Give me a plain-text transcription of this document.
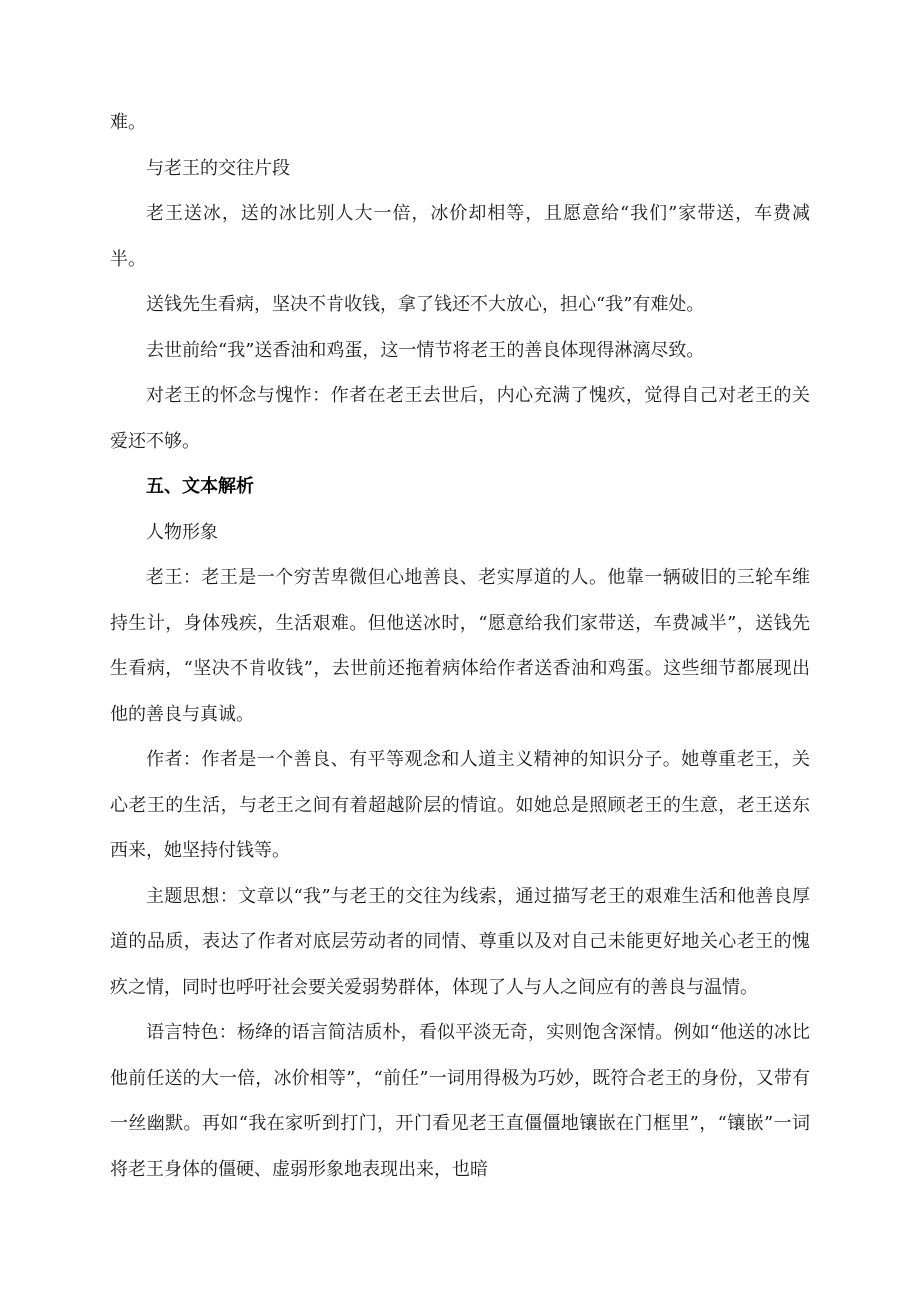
难。

与老王的交往片段

老王送冰，送的冰比别人大一倍，冰价却相等，且愿意给“我们”家带送，车费减半。

送钱先生看病，坚决不肯收钱，拿了钱还不大放心，担心“我”有难处。

去世前给“我”送香油和鸡蛋，这一情节将老王的善良体现得淋漓尽致。

对老王的怀念与愧怍：作者在老王去世后，内心充满了愧疚，觉得自己对老王的关爱还不够。

五、文本解析

人物形象

老王：老王是一个穷苦卑微但心地善良、老实厚道的人。他靠一辆破旧的三轮车维持生计，身体残疾，生活艰难。但他送冰时，“愿意给我们家带送，车费减半”，送钱先生看病，“坚决不肯收钱”，去世前还拖着病体给作者送香油和鸡蛋。这些细节都展现出他的善良与真诚。

作者：作者是一个善良、有平等观念和人道主义精神的知识分子。她尊重老王，关心老王的生活，与老王之间有着超越阶层的情谊。如她总是照顾老王的生意，老王送东西来，她坚持付钱等。

主题思想：文章以“我”与老王的交往为线索，通过描写老王的艰难生活和他善良厚道的品质，表达了作者对底层劳动者的同情、尊重以及对自己未能更好地关心老王的愧疚之情，同时也呼吁社会要关爱弱势群体，体现了人与人之间应有的善良与温情。

语言特色：杨绛的语言简洁质朴，看似平淡无奇，实则饱含深情。例如“他送的冰比他前任送的大一倍，冰价相等”，“前任”一词用得极为巧妙，既符合老王的身份，又带有一丝幽默。再如“我在家听到打门，开门看见老王直僵僵地镶嵌在门框里”，“镶嵌”一词将老王身体的僵硬、虚弱形象地表现出来，也暗
